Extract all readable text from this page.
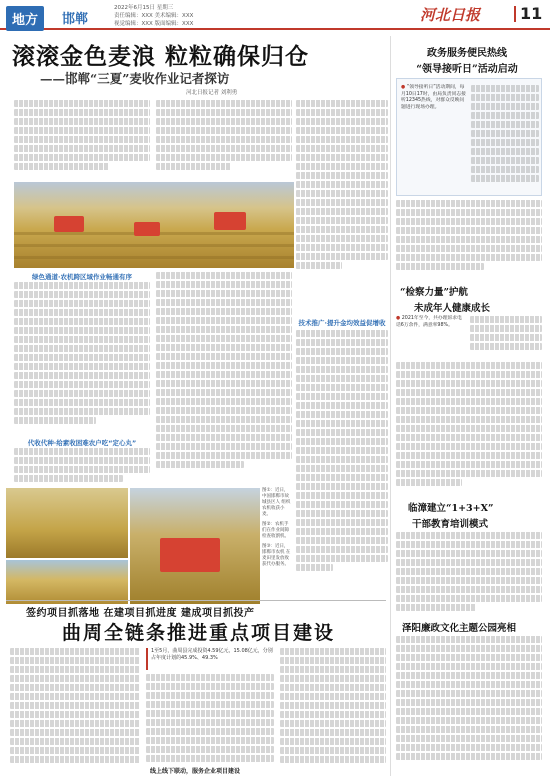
地方	邯郸
2022年6月15日 星期三
责任编辑：XXX 美术编辑：XXX
视觉编辑：XXX 版面编辑：XXX	河北日报 11
滚滚金色麦浪 粒粒确保归仓
——邯郸“三夏”麦收作业记者探访
河北日报记者 刘利勇
绿色通道·农机跨区域作业畅通有序
代收代种·给素收困难农户吃“定心丸”
技术推广·提升金均效益促增收
图①：近日，中国邯郸市故城县区人 组织农机收获小麦。
图②：农机手们在作业间隙检查收割机。
图③：近日，邯郸市农机 在麦田里发放收获代办服务。
政务服务便民热线
“领导接听日”活动启动
● “领导接听日”活动期间，每月10日17时，由局负责同志接听12345热线，对群众反映问题进行现场办理。
“检察力量”护航
未成年人健康成长
● 2021年至今，共办理诉求电话6万余件，满意率98%。
临漳建立“1+3+X”
干部教育培训模式
泽阳廉政文化主题公园亮相
签约项目抓落地 在建项目抓进度 建成项目抓投产
曲周全链条推进重点项目建设
1至5月，曲周县完成投资4.59亿元，15.08亿元，分别占年度计划的45.9%、49.3%
线上线下联动，服务企业项目建设
